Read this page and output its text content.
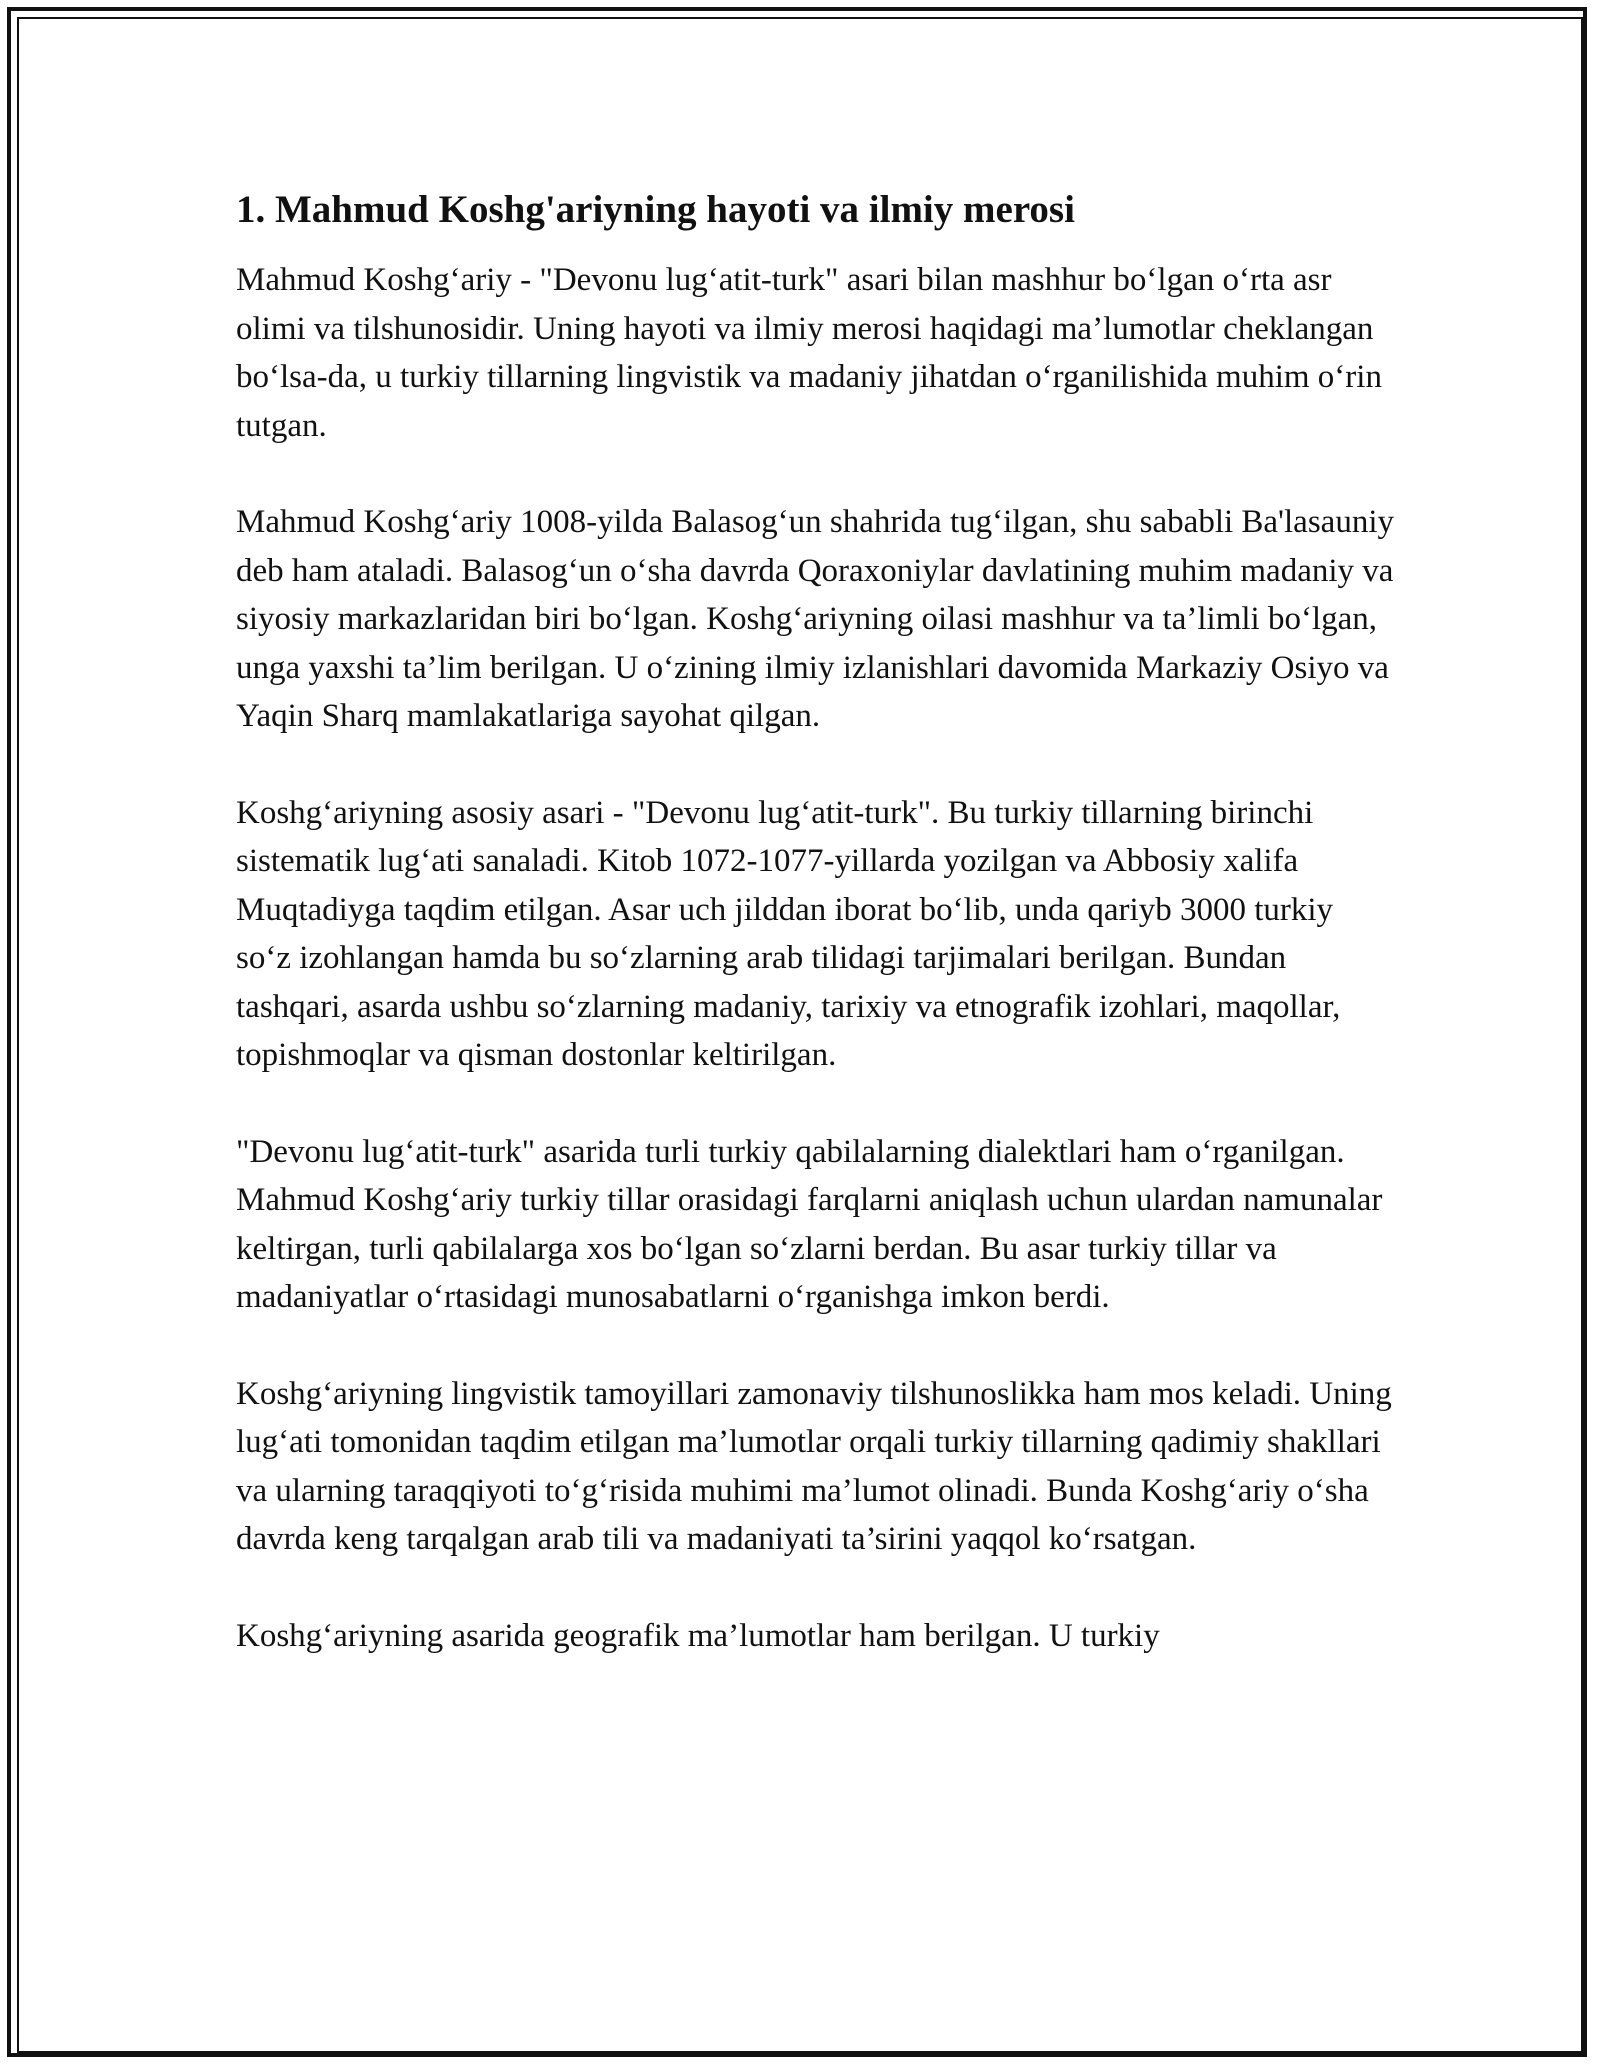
1. Mahmud Koshg'ariyning hayoti va ilmiy merosi

Mahmud Koshg‘ariy - "Devonu lug‘atit-turk" asari bilan mashhur bo‘lgan o‘rta asr olimi va tilshunosidir. Uning hayoti va ilmiy merosi haqidagi ma’lumotlar cheklangan bo‘lsa-da, u turkiy tillarning lingvistik va madaniy jihatdan o‘rganilishida muhim o‘rin tutgan.

Mahmud Koshg‘ariy 1008-yilda Balasog‘un shahrida tug‘ilgan, shu sababli Ba'lasauniy deb ham ataladi. Balasog‘un o‘sha davrda Qoraxoniylar davlatining muhim madaniy va siyosiy markazlaridan biri bo‘lgan. Koshg‘ariyning oilasi mashhur va ta’limli bo‘lgan, unga yaxshi ta’lim berilgan. U o‘zining ilmiy izlanishlari davomida Markaziy Osiyo va Yaqin Sharq mamlakatlariga sayohat qilgan.

Koshg‘ariyning asosiy asari - "Devonu lug‘atit-turk". Bu turkiy tillarning birinchi sistematik lug‘ati sanaladi. Kitob 1072-1077-yillarda yozilgan va Abbosiy xalifa Muqtadiyga taqdim etilgan. Asar uch jilddan iborat bo‘lib, unda qariyb 3000 turkiy so‘z izohlangan hamda bu so‘zlarning arab tilidagi tarjimalari berilgan. Bundan tashqari, asarda ushbu so‘zlarning madaniy, tarixiy va etnografik izohlari, maqollar, topishmoqlar va qisman dostonlar keltirilgan.

"Devonu lug‘atit-turk" asarida turli turkiy qabilalarning dialektlari ham o‘rganilgan. Mahmud Koshg‘ariy turkiy tillar orasidagi farqlarni aniqlash uchun ulardan namunalar keltirgan, turli qabilalarga xos bo‘lgan so‘zlarni berdan. Bu asar turkiy tillar va madaniyatlar o‘rtasidagi munosabatlarni o‘rganishga imkon berdi.

Koshg‘ariyning lingvistik tamoyillari zamonaviy tilshunoslikka ham mos keladi. Uning lug‘ati tomonidan taqdim etilgan ma’lumotlar orqali turkiy tillarning qadimiy shakllari va ularning taraqqiyoti to‘g‘risida muhimi ma’lumot olinadi. Bunda Koshg‘ariy o‘sha davrda keng tarqalgan arab tili va madaniyati ta’sirini yaqqol ko‘rsatgan.

Koshg‘ariyning asarida geografik ma’lumotlar ham berilgan. U turkiy
